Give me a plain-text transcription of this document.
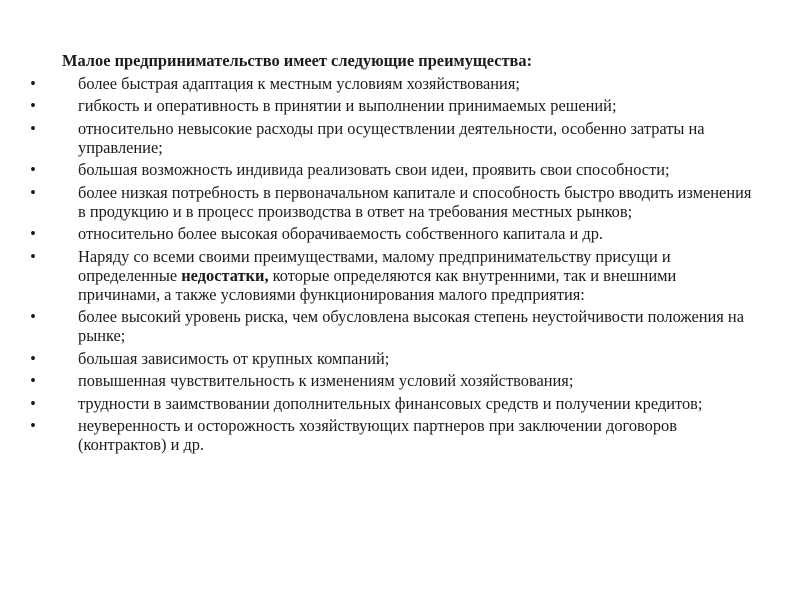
Малое предпринимательство имеет следующие преимущества:
•	более быстрая адаптация к местным условиям хозяйствования;
•	гибкость и оперативность в принятии и выполнении принимаемых решений;
•	относительно невысокие расходы при осуществлении деятельности, особенно затраты на управление;
•	большая возможность индивида реализовать свои идеи, проявить свои способности;
•	более низкая потребность в первоначальном капитале и способность быстро вводить изменения в продукцию и в процесс производства в ответ на требования местных рынков;
•	относительно более высокая оборачиваемость собственного капитала и др.
•	Наряду со всеми своими преимуществами, малому предпринимательству присущи и определенные недостатки, которые определяются как внутренними, так и внешними причинами, а также условиями функционирования малого предприятия:
•	более высокий уровень риска, чем обусловлена высокая степень неустойчивости положения на рынке;
•	большая зависимость от крупных компаний;
•	повышенная чувствительность к изменениям условий хозяйствования;
•	трудности в заимствовании дополнительных финансовых средств и получении кредитов;
•	неуверенность и осторожность хозяйствующих партнеров при заключении договоров (контрактов) и др.
